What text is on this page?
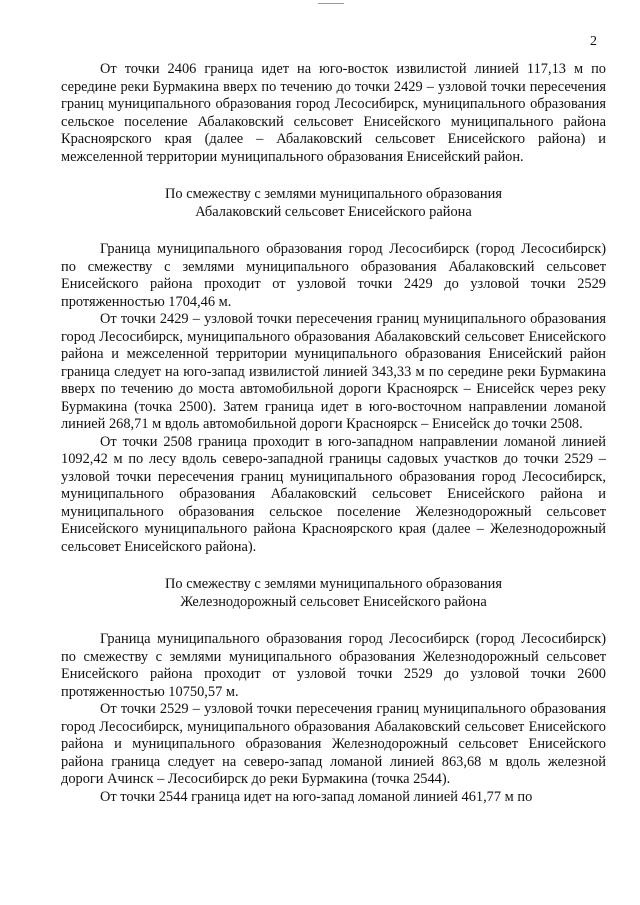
2

От точки 2406 граница идет на юго-восток извилистой линией 117,13 м по середине реки Бурмакина вверх по течению до точки 2429 – узловой точки пересечения границ муниципального образования город Лесосибирск, муниципального образования сельское поселение Абалаковский сельсовет Енисейского муниципального района Красноярского края (далее – Абалаковский сельсовет Енисейского района) и межселенной территории муниципального образования Енисейский район.

По смежеству с землями муниципального образования
Абалаковский сельсовет Енисейского района

Граница муниципального образования город Лесосибирск (город Лесосибирск) по смежеству с землями муниципального образования Абалаковский сельсовет Енисейского района проходит от узловой точки 2429 до узловой точки 2529 протяженностью 1704,46 м.

От точки 2429 – узловой точки пересечения границ муниципального образования город Лесосибирск, муниципального образования Абалаковский сельсовет Енисейского района и межселенной территории муниципального образования Енисейский район граница следует на юго-запад извилистой линией 343,33 м по середине реки Бурмакина вверх по течению до моста автомобильной дороги Красноярск – Енисейск через реку Бурмакина (точка 2500). Затем граница идет в юго-восточном направлении ломаной линией 268,71 м вдоль автомобильной дороги Красноярск – Енисейск до точки 2508.

От точки 2508 граница проходит в юго-западном направлении ломаной линией 1092,42 м по лесу вдоль северо-западной границы садовых участков до точки 2529 – узловой точки пересечения границ муниципального образования город Лесосибирск, муниципального образования Абалаковский сельсовет Енисейского района и муниципального образования сельское поселение Железнодорожный сельсовет Енисейского муниципального района Красноярского края (далее – Железнодорожный сельсовет Енисейского района).

По смежеству с землями муниципального образования
Железнодорожный сельсовет Енисейского района

Граница муниципального образования город Лесосибирск (город Лесосибирск) по смежеству с землями муниципального образования Железнодорожный сельсовет Енисейского района проходит от узловой точки 2529 до узловой точки 2600 протяженностью 10750,57 м.

От точки 2529 – узловой точки пересечения границ муниципального образования город Лесосибирск, муниципального образования Абалаковский сельсовет Енисейского района и муниципального образования Железнодорожный сельсовет Енисейского района граница следует на северо-запад ломаной линией 863,68 м вдоль железной дороги Ачинск – Лесосибирск до реки Бурмакина (точка 2544).

От точки 2544 граница идет на юго-запад ломаной линией 461,77 м по
